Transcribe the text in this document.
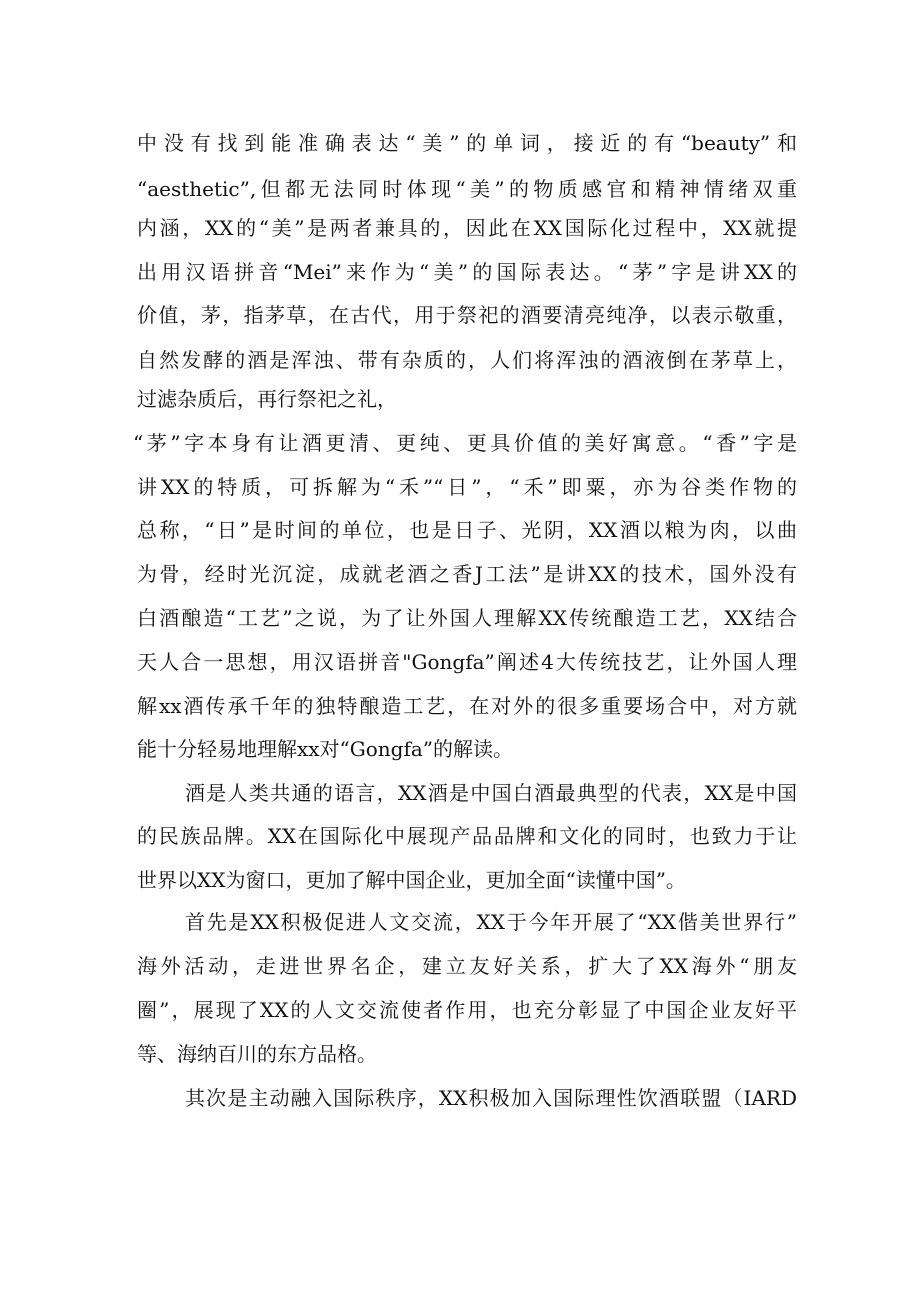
中没有找到能准确表达“美”的单词，接近的有“beauty”和
“aesthetic”,但都无法同时体现“美”的物质感官和精神情绪双重
内涵，XX的“美”是两者兼具的，因此在XX国际化过程中，XX就提
出用汉语拼音“Mei”来作为“美”的国际表达。“茅”字是讲XX的
价值，茅，指茅草，在古代，用于祭祀的酒要清亮纯净，以表示敬重，
自然发酵的酒是浑浊、带有杂质的，人们将浑浊的酒液倒在茅草上，
过滤杂质后，再行祭祀之礼，
“茅”字本身有让酒更清、更纯、更具价值的美好寓意。“香”字是
讲XX的特质，可拆解为“禾”“日”，“禾”即粟，亦为谷类作物的
总称，“日”是时间的单位，也是日子、光阴，XX酒以粮为肉，以曲
为骨，经时光沉淀，成就老酒之香J工法”是讲XX的技术，国外没有
白酒酿造“工艺”之说，为了让外国人理解XX传统酿造工艺，XX结合
天人合一思想，用汉语拼音"Gongfa”阐述4大传统技艺，让外国人理
解xx酒传承千年的独特酿造工艺，在对外的很多重要场合中，对方就
能十分轻易地理解xx对“Gongfa”的解读。
酒是人类共通的语言，XX酒是中国白酒最典型的代表，XX是中国
的民族品牌。XX在国际化中展现产品品牌和文化的同时，也致力于让
世界以XX为窗口，更加了解中国企业，更加全面“读懂中国”。
首先是XX积极促进人文交流，XX于今年开展了“XX偕美世界行”
海外活动，走进世界名企，建立友好关系，扩大了XX海外“朋友
圈”，展现了XX的人文交流使者作用，也充分彰显了中国企业友好平
等、海纳百川的东方品格。
其次是主动融入国际秩序，XX积极加入国际理性饮酒联盟（IARD
